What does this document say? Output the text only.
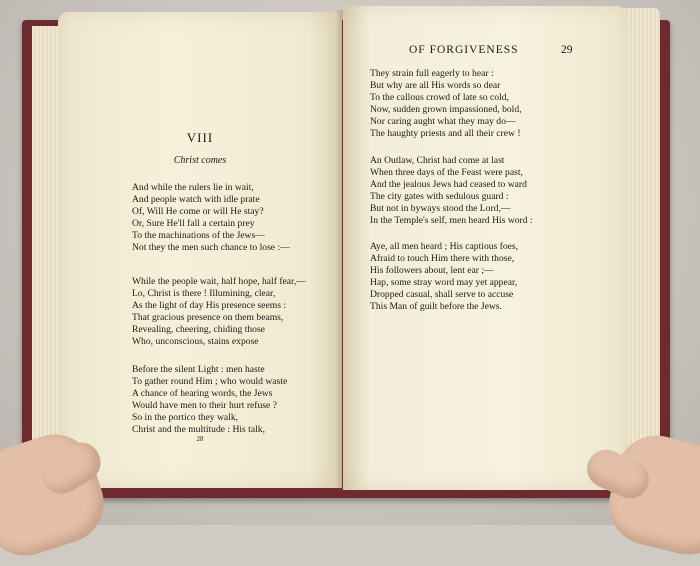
VIII
Christ comes
And while the rulers lie in wait,
And people watch with idle prate
Of, Will He come or will He stay?
Or, Sure He'll fall a certain prey
To the machinations of the Jews—
Not they the men such chance to lose :—
While the people wait, half hope, half fear,—
Lo, Christ is there ! Illumining, clear,
As the light of day His presence seems :
That gracious presence on them beams,
Revealing, cheering, chiding those
Who, unconscious, stains expose
Before the silent Light : men haste
To gather round Him ; who would waste
A chance of hearing words, the Jews
Would have men to their hurt refuse ?
So in the portico they walk,
Christ and the multitude : His talk,
28
OF FORGIVENESS	29
They strain full eagerly to hear :
But why are all His words so dear
To the callous crowd of late so cold,
Now, sudden grown impassioned, bold,
Nor caring aught what they may do—
The haughty priests and all their crew !
An Outlaw, Christ had come at last
When three days of the Feast were past,
And the jealous Jews had ceased to ward
The city gates with sedulous guard :
But not in byways stood the Lord,—
In the Temple's self, men heard His word :
Aye, all men heard ; His captious foes,
Afraid to touch Him there with those,
His followers about, lent ear ;—
Hap, some stray word may yet appear,
Dropped casual, shall serve to accuse
This Man of guilt before the Jews.
